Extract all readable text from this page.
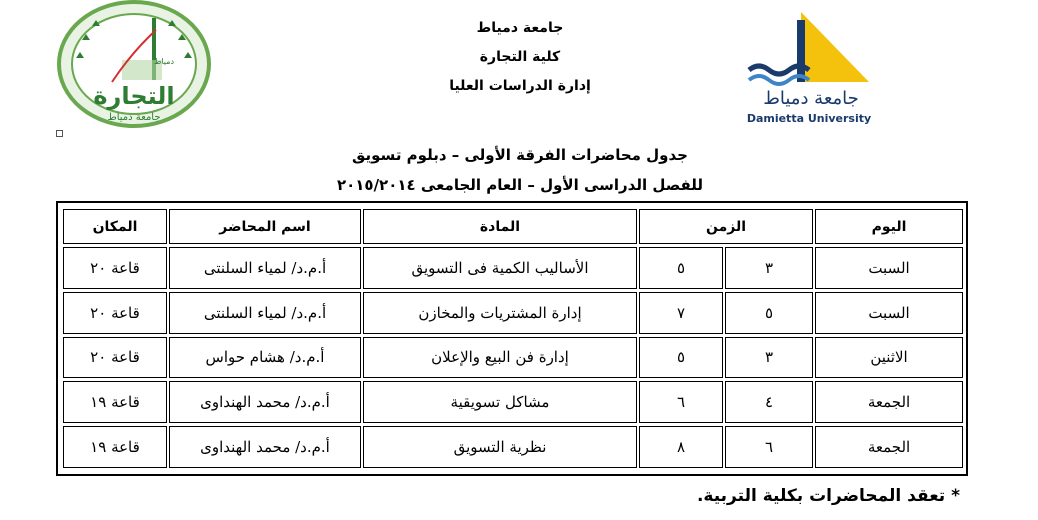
التجارة
جامعة دمياط
دمياط
جامعة دمياط
كلية التجارة
إدارة الدراسات العليا
جامعة دمياط
Damietta University
جدول محاضرات الفرقة الأولى – دبلوم تسويق
للفصل الدراسى الأول – العام الجامعى ٢٠١٥/٢٠١٤
اليوم	الزمن		المادة	اسم المحاضر	المكان
السبت	٣	٥	الأساليب الكمية فى التسويق	أ.م.د/ لمياء السلنتى	قاعة ٢٠
السبت	٥	٧	إدارة المشتريات والمخازن	أ.م.د/ لمياء السلنتى	قاعة ٢٠
الاثنين	٣	٥	إدارة فن البيع والإعلان	أ.م.د/ هشام حواس	قاعة ٢٠
الجمعة	٤	٦	مشاكل تسويقية	أ.م.د/ محمد الهنداوى	قاعة ١٩
الجمعة	٦	٨	نظرية التسويق	أ.م.د/ محمد الهنداوى	قاعة ١٩
* تعقد المحاضرات بكلية التربية.
